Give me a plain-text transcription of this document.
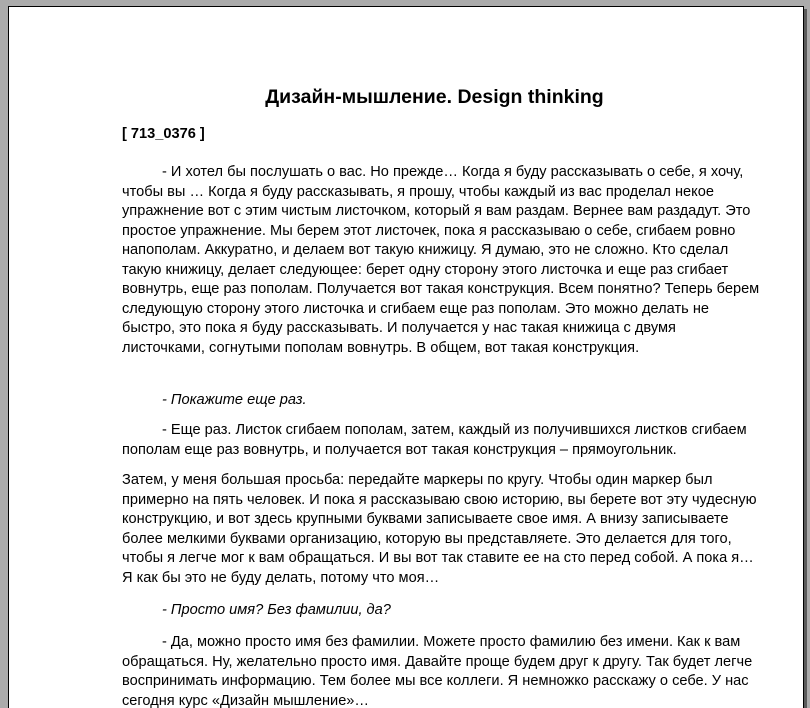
Дизайн-мышление. Design thinking

[ 713_0376 ]

- И хотел бы послушать о вас. Но прежде… Когда я буду рассказывать о себе, я хочу, чтобы вы … Когда я буду рассказывать, я прошу, чтобы каждый из вас проделал некое упражнение вот с этим чистым листочком, который я вам раздам. Вернее вам раздадут. Это простое упражнение. Мы берем этот листочек, пока я рассказываю о себе, сгибаем ровно напополам. Аккуратно, и делаем вот такую книжицу. Я думаю, это не сложно. Кто сделал такую книжицу, делает следующее: берет одну сторону этого листочка и еще раз сгибает вовнутрь, еще раз пополам. Получается вот такая конструкция. Всем понятно? Теперь берем следующую сторону этого листочка и сгибаем еще раз пополам. Это можно делать не быстро, это пока я буду рассказывать. И получается у нас такая книжица с двумя листочками, согнутыми пополам вовнутрь. В общем, вот такая конструкция.

- Покажите еще раз.

- Еще раз. Листок сгибаем пополам, затем, каждый из получившихся листков сгибаем пополам еще раз вовнутрь, и получается вот такая конструкция – прямоугольник.

Затем, у меня большая просьба: передайте маркеры по кругу. Чтобы один маркер был примерно на пять человек. И пока я рассказываю свою историю, вы берете вот эту чудесную конструкцию, и вот здесь крупными буквами записываете свое имя. А внизу записываете более мелкими буквами организацию, которую вы представляете. Это делается для того, чтобы я легче мог к вам обращаться. И вы вот так ставите ее на сто перед собой. А пока я… Я как бы это не буду делать, потому что моя…

- Просто имя? Без фамилии, да?

- Да, можно просто имя без фамилии. Можете просто фамилию без имени. Как к вам обращаться. Ну, желательно просто имя. Давайте проще будем друг к другу. Так будет легче воспринимать информацию. Тем более мы все коллеги. Я немножко расскажу о себе. У нас сегодня курс «Дизайн мышление»…
